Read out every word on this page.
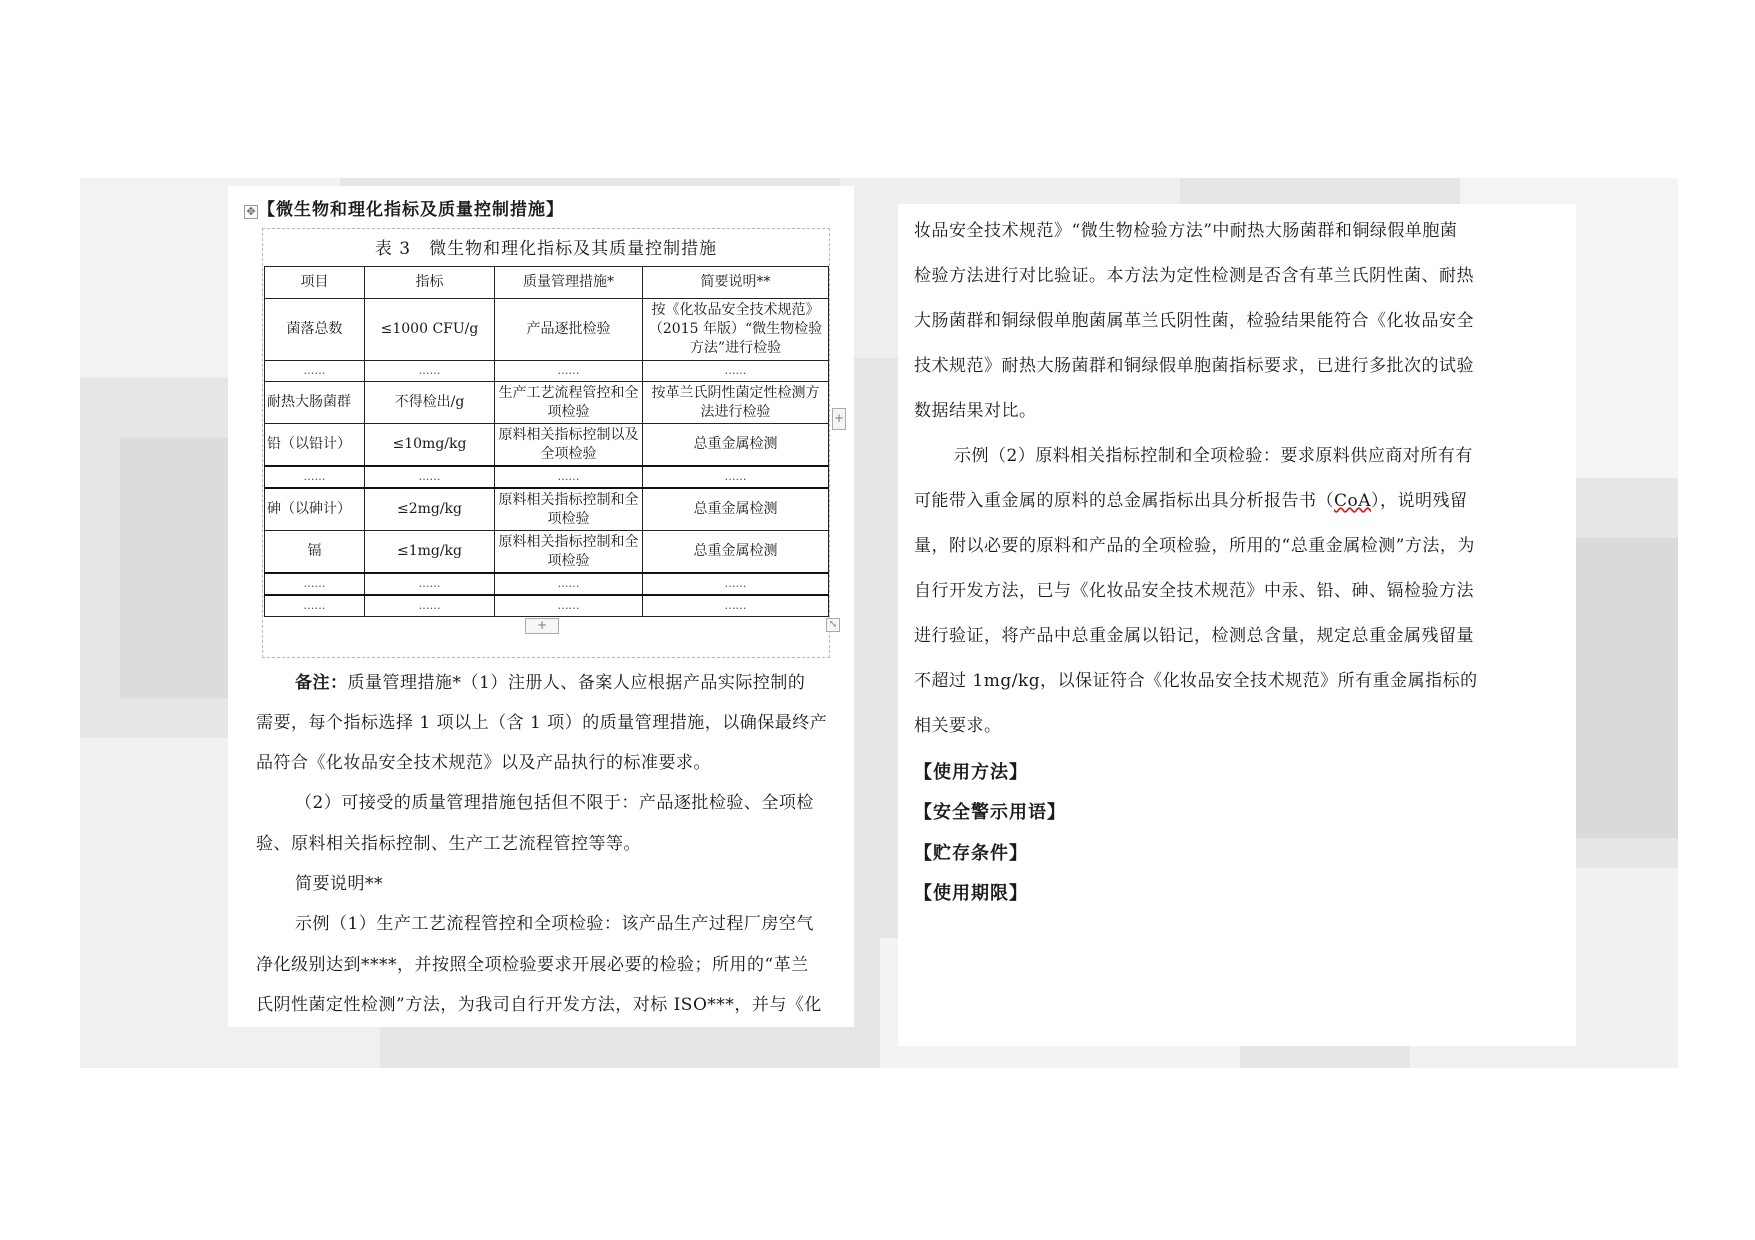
【微生物和理化指标及质量控制措施】
✥
表 3　微生物和理化指标及其质量控制措施
项目	指标	质量管理措施*	简要说明**
菌落总数	≤1000 CFU/g	产品逐批检验	按《化妆品安全技术规范》（2015 年版）“微生物检验方法”进行检验
……	……	……	……
耐热大肠菌群	不得检出/g	生产工艺流程管控和全项检验	按革兰氏阴性菌定性检测方法进行检验
铅（以铅计）	≤10mg/kg	原料相关指标控制以及全项检验	总重金属检测
……	……	……	……
砷（以砷计）	≤2mg/kg	原料相关指标控制和全项检验	总重金属检测
镉	≤1mg/kg	原料相关指标控制和全项检验	总重金属检测
……	……	……	……
……	……	……	……
+
+	⤡
备注：质量管理措施*（1）注册人、备案人应根据产品实际控制的
需要，每个指标选择 1 项以上（含 1 项）的质量管理措施，以确保最终产
品符合《化妆品安全技术规范》以及产品执行的标准要求。
（2）可接受的质量管理措施包括但不限于：产品逐批检验、全项检
验、原料相关指标控制、生产工艺流程管控等等。
简要说明**
示例（1）生产工艺流程管控和全项检验：该产品生产过程厂房空气
净化级别达到****，并按照全项检验要求开展必要的检验；所用的“革兰
氏阴性菌定性检测”方法，为我司自行开发方法，对标 ISO***，并与《化
妆品安全技术规范》“微生物检验方法”中耐热大肠菌群和铜绿假单胞菌
检验方法进行对比验证。本方法为定性检测是否含有革兰氏阴性菌、耐热
大肠菌群和铜绿假单胞菌属革兰氏阴性菌，检验结果能符合《化妆品安全
技术规范》耐热大肠菌群和铜绿假单胞菌指标要求，已进行多批次的试验
数据结果对比。
示例（2）原料相关指标控制和全项检验：要求原料供应商对所有有
可能带入重金属的原料的总金属指标出具分析报告书（CoA），说明残留
量，附以必要的原料和产品的全项检验，所用的“总重金属检测”方法，为
自行开发方法，已与《化妆品安全技术规范》中汞、铅、砷、镉检验方法
进行验证，将产品中总重金属以铅记，检测总含量，规定总重金属残留量
不超过 1mg/kg，以保证符合《化妆品安全技术规范》所有重金属指标的
相关要求。
【使用方法】
【安全警示用语】
【贮存条件】
【使用期限】
